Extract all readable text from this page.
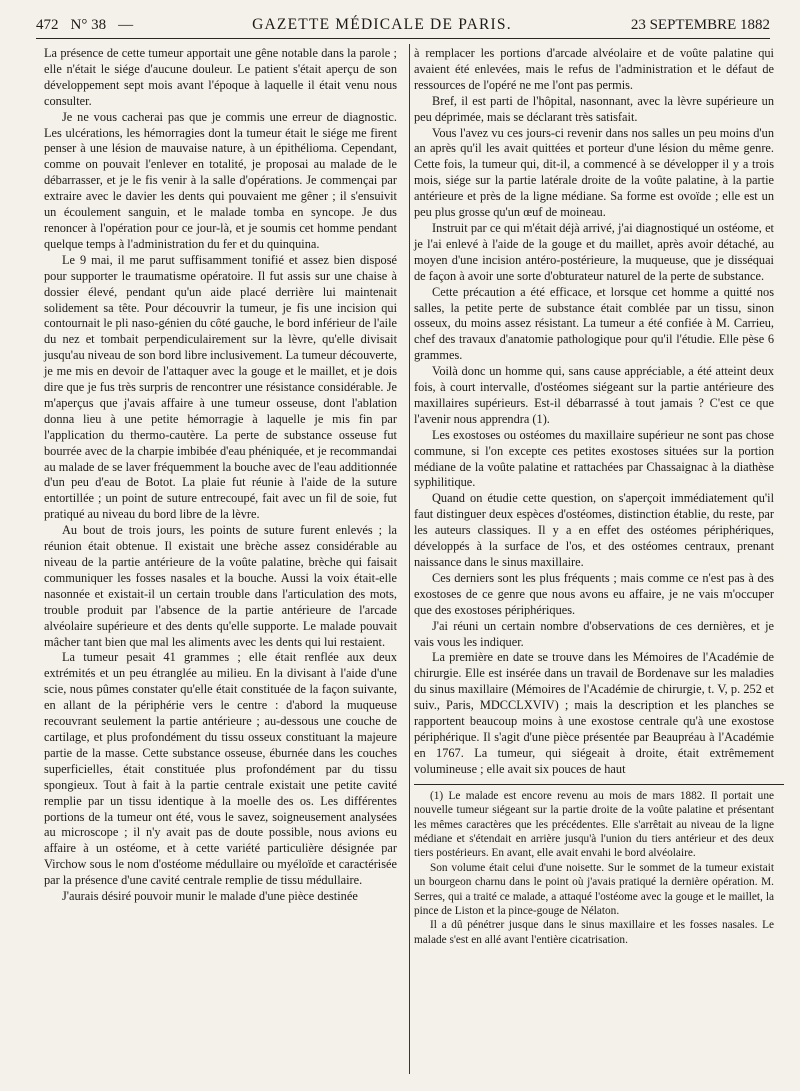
472 N° 38 —	GAZETTE MÉDICALE DE PARIS.	23 SEPTEMBRE 1882

La présence de cette tumeur apportait une gêne notable dans la parole ; elle n'était le siége d'aucune douleur. Le patient s'était aperçu de son développement sept mois avant l'époque à laquelle il était venu nous consulter.

Je ne vous cacherai pas que je commis une erreur de diagnostic. Les ulcérations, les hémorragies dont la tumeur était le siége me firent penser à une lésion de mauvaise nature, à un épithélioma. Cependant, comme on pouvait l'enlever en totalité, je proposai au malade de le débarrasser, et je le fis venir à la salle d'opérations. Je commençai par extraire avec le davier les dents qui pouvaient me gêner ; il s'ensuivit un écoulement sanguin, et le malade tomba en syncope. Je dus renoncer à l'opération pour ce jour-là, et je soumis cet homme pendant quelque temps à l'administration du fer et du quinquina.

Le 9 mai, il me parut suffisamment tonifié et assez bien disposé pour supporter le traumatisme opératoire. Il fut assis sur une chaise à dossier élevé, pendant qu'un aide placé derrière lui maintenait solidement sa tête. Pour découvrir la tumeur, je fis une incision qui contournait le pli naso-génien du côté gauche, le bord inférieur de l'aile du nez et tombait perpendiculairement sur la lèvre, qu'elle divisait jusqu'au niveau de son bord libre inclusivement. La tumeur découverte, je me mis en devoir de l'attaquer avec la gouge et le maillet, et je dois dire que je fus très surpris de rencontrer une résistance considérable. Je m'aperçus que j'avais affaire à une tumeur osseuse, dont l'ablation donna lieu à une petite hémorragie à laquelle je mis fin par l'application du thermo-cautère. La perte de substance osseuse fut bourrée avec de la charpie imbibée d'eau phéniquée, et je recommandai au malade de se laver fréquemment la bouche avec de l'eau additionnée d'un peu d'eau de Botot. La plaie fut réunie à l'aide de la suture entortillée ; un point de suture entrecoupé, fait avec un fil de soie, fut pratiqué au niveau du bord libre de la lèvre.

Au bout de trois jours, les points de suture furent enlevés ; la réunion était obtenue. Il existait une brèche assez considérable au niveau de la partie antérieure de la voûte palatine, brèche qui faisait communiquer les fosses nasales et la bouche. Aussi la voix était-elle nasonnée et existait-il un certain trouble dans l'articulation des mots, trouble produit par l'absence de la partie antérieure de l'arcade alvéolaire supérieure et des dents qu'elle supporte. Le malade pouvait mâcher tant bien que mal les aliments avec les dents qui lui restaient.

La tumeur pesait 41 grammes ; elle était renflée aux deux extrémités et un peu étranglée au milieu. En la divisant à l'aide d'une scie, nous pûmes constater qu'elle était constituée de la façon suivante, en allant de la périphérie vers le centre : d'abord la muqueuse recouvrant seulement la partie antérieure ; au-dessous une couche de cartilage, et plus profondément du tissu osseux constituant la majeure partie de la masse. Cette substance osseuse, éburnée dans les couches superficielles, était constituée plus profondément par du tissu spongieux. Tout à fait à la partie centrale existait une petite cavité remplie par un tissu identique à la moelle des os. Les différentes portions de la tumeur ont été, vous le savez, soigneusement analysées au microscope ; il n'y avait pas de doute possible, nous avions eu affaire à un ostéome, et à cette variété particulière désignée par Virchow sous le nom d'ostéome médullaire ou myéloïde et caractérisée par la présence d'une cavité centrale remplie de tissu médullaire.

J'aurais désiré pouvoir munir le malade d'une pièce destinée

à remplacer les portions d'arcade alvéolaire et de voûte palatine qui avaient été enlevées, mais le refus de l'administration et le défaut de ressources de l'opéré ne me l'ont pas permis.

Bref, il est parti de l'hôpital, nasonnant, avec la lèvre supérieure un peu déprimée, mais se déclarant très satisfait.

Vous l'avez vu ces jours-ci revenir dans nos salles un peu moins d'un an après qu'il les avait quittées et porteur d'une lésion du même genre. Cette fois, la tumeur qui, dit-il, a commencé à se développer il y a trois mois, siége sur la partie latérale droite de la voûte palatine, à la partie antérieure et près de la ligne médiane. Sa forme est ovoïde ; elle est un peu plus grosse qu'un œuf de moineau.

Instruit par ce qui m'était déjà arrivé, j'ai diagnostiqué un ostéome, et je l'ai enlevé à l'aide de la gouge et du maillet, après avoir détaché, au moyen d'une incision antéro-postérieure, la muqueuse, que je disséquai de façon à avoir une sorte d'obturateur naturel de la perte de substance.

Cette précaution a été efficace, et lorsque cet homme a quitté nos salles, la petite perte de substance était comblée par un tissu, sinon osseux, du moins assez résistant. La tumeur a été confiée à M. Carrieu, chef des travaux d'anatomie pathologique pour qu'il l'étudie. Elle pèse 6 grammes.

Voilà donc un homme qui, sans cause appréciable, a été atteint deux fois, à court intervalle, d'ostéomes siégeant sur la partie antérieure des maxillaires supérieurs. Est-il débarrassé à tout jamais ? C'est ce que l'avenir nous apprendra (1).

Les exostoses ou ostéomes du maxillaire supérieur ne sont pas chose commune, si l'on excepte ces petites exostoses situées sur la portion médiane de la voûte palatine et rattachées par Chassaignac à la diathèse syphilitique.

Quand on étudie cette question, on s'aperçoit immédiatement qu'il faut distinguer deux espèces d'ostéomes, distinction établie, du reste, par les auteurs classiques. Il y a en effet des ostéomes périphériques, développés à la surface de l'os, et des ostéomes centraux, prenant naissance dans le sinus maxillaire.

Ces derniers sont les plus fréquents ; mais comme ce n'est pas à des exostoses de ce genre que nous avons eu affaire, je ne vais m'occuper que des exostoses périphériques.

J'ai réuni un certain nombre d'observations de ces dernières, et je vais vous les indiquer.

La première en date se trouve dans les Mémoires de l'Académie de chirurgie. Elle est insérée dans un travail de Bordenave sur les maladies du sinus maxillaire (Mémoires de l'Académie de chirurgie, t. V, p. 252 et suiv., Paris, MDCCLXVIV) ; mais la description et les planches se rapportent beaucoup moins à une exostose centrale qu'à une exostose périphérique. Il s'agit d'une pièce présentée par Beaupréau à l'Académie en 1767. La tumeur, qui siégeait à droite, était extrêmement volumineuse ; elle avait six pouces de haut

(1) Le malade est encore revenu au mois de mars 1882. Il portait une nouvelle tumeur siégeant sur la partie droite de la voûte palatine et présentant les mêmes caractères que les précédentes. Elle s'arrêtait au niveau de la ligne médiane et s'étendait en arrière jusqu'à l'union du tiers antérieur et des deux tiers postérieurs. En avant, elle avait envahi le bord alvéolaire.

Son volume était celui d'une noisette. Sur le sommet de la tumeur existait un bourgeon charnu dans le point où j'avais pratiqué la dernière opération. M. Serres, qui a traité ce malade, a attaqué l'ostéome avec la gouge et le maillet, la pince de Liston et la pince-gouge de Nélaton.

Il a dû pénétrer jusque dans le sinus maxillaire et les fosses nasales. Le malade s'est en allé avant l'entière cicatrisation.
